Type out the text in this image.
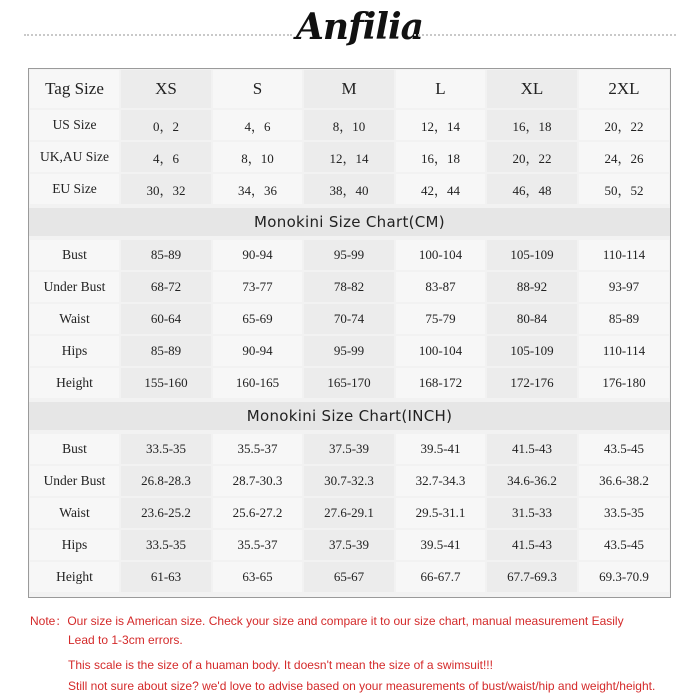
Anfilia
Tag Size	XS	S	M	L	XL	2XL
US Size	0，2	4，6	8，10	12，14	16，18	20，22
UK,AU Size	4，6	8，10	12，14	16，18	20，22	24，26
EU Size	30，32	34，36	38，40	42，44	46，48	50，52
Monokini Size Chart(CM)
Bust	85-89	90-94	95-99	100-104	105-109	110-114
Under Bust	68-72	73-77	78-82	83-87	88-92	93-97
Waist	60-64	65-69	70-74	75-79	80-84	85-89
Hips	85-89	90-94	95-99	100-104	105-109	110-114
Height	155-160	160-165	165-170	168-172	172-176	176-180
Monokini Size Chart(INCH)
Bust	33.5-35	35.5-37	37.5-39	39.5-41	41.5-43	43.5-45
Under Bust	26.8-28.3	28.7-30.3	30.7-32.3	32.7-34.3	34.6-36.2	36.6-38.2
Waist	23.6-25.2	25.6-27.2	27.6-29.1	29.5-31.1	31.5-33	33.5-35
Hips	33.5-35	35.5-37	37.5-39	39.5-41	41.5-43	43.5-45
Height	61-63	63-65	65-67	66-67.7	67.7-69.3	69.3-70.9
Note：Our size is American size. Check your size and compare it to our size chart, manual measurement Easily
Lead to 1-3cm errors.
This scale is the size of a huaman body. It doesn't mean the size of a swimsuit!!!
Still not sure about size? we'd love to advise based on your measurements of bust/waist/hip and weight/height.
